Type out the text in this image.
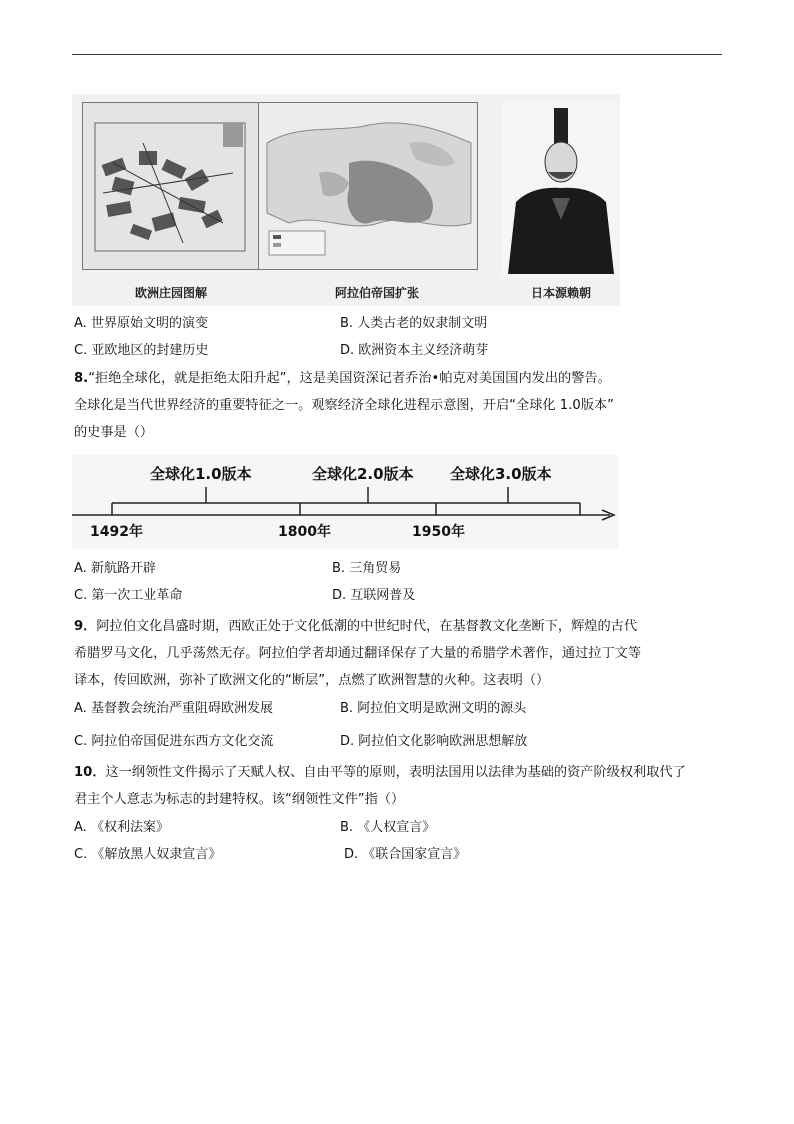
欧洲庄园图解	阿拉伯帝国扩张	日本源赖朝
A. 世界原始文明的演变	B. 人类古老的奴隶制文明
C. 亚欧地区的封建历史	D. 欧洲资本主义经济萌芽
8.“拒绝全球化，就是拒绝太阳升起”，这是美国资深记者乔治•帕克对美国国内发出的警告。
全球化是当代世界经济的重要特征之一。观察经济全球化进程示意图，开启“全球化 1.0版本”
的史事是（）
全球化1.0版本	全球化2.0版本 全球化3.0版本
1492年	1800年	1950年
A. 新航路开辟	B. 三角贸易
C. 第一次工业革命	D. 互联网普及
9．阿拉伯文化昌盛时期，西欧正处于文化低潮的中世纪时代，在基督教文化垄断下，辉煌的古代
希腊罗马文化，几乎荡然无存。阿拉伯学者却通过翻译保存了大量的希腊学术著作，通过拉丁文等
译本，传回欧洲，弥补了欧洲文化的“断层”，点燃了欧洲智慧的火种。这表明（）
A. 基督教会统治严重阻碍欧洲发展	B. 阿拉伯文明是欧洲文明的源头
C. 阿拉伯帝国促进东西方文化交流	D. 阿拉伯文化影响欧洲思想解放
10．这一纲领性文件揭示了天赋人权、自由平等的原则，表明法国用以法律为基础的资产阶级权利取代了
君主个人意志为标志的封建特权。该“纲领性文件”指（）
A. 《权利法案》	B. 《人权宣言》
C. 《解放黑人奴隶宣言》	D. 《联合国家宣言》
